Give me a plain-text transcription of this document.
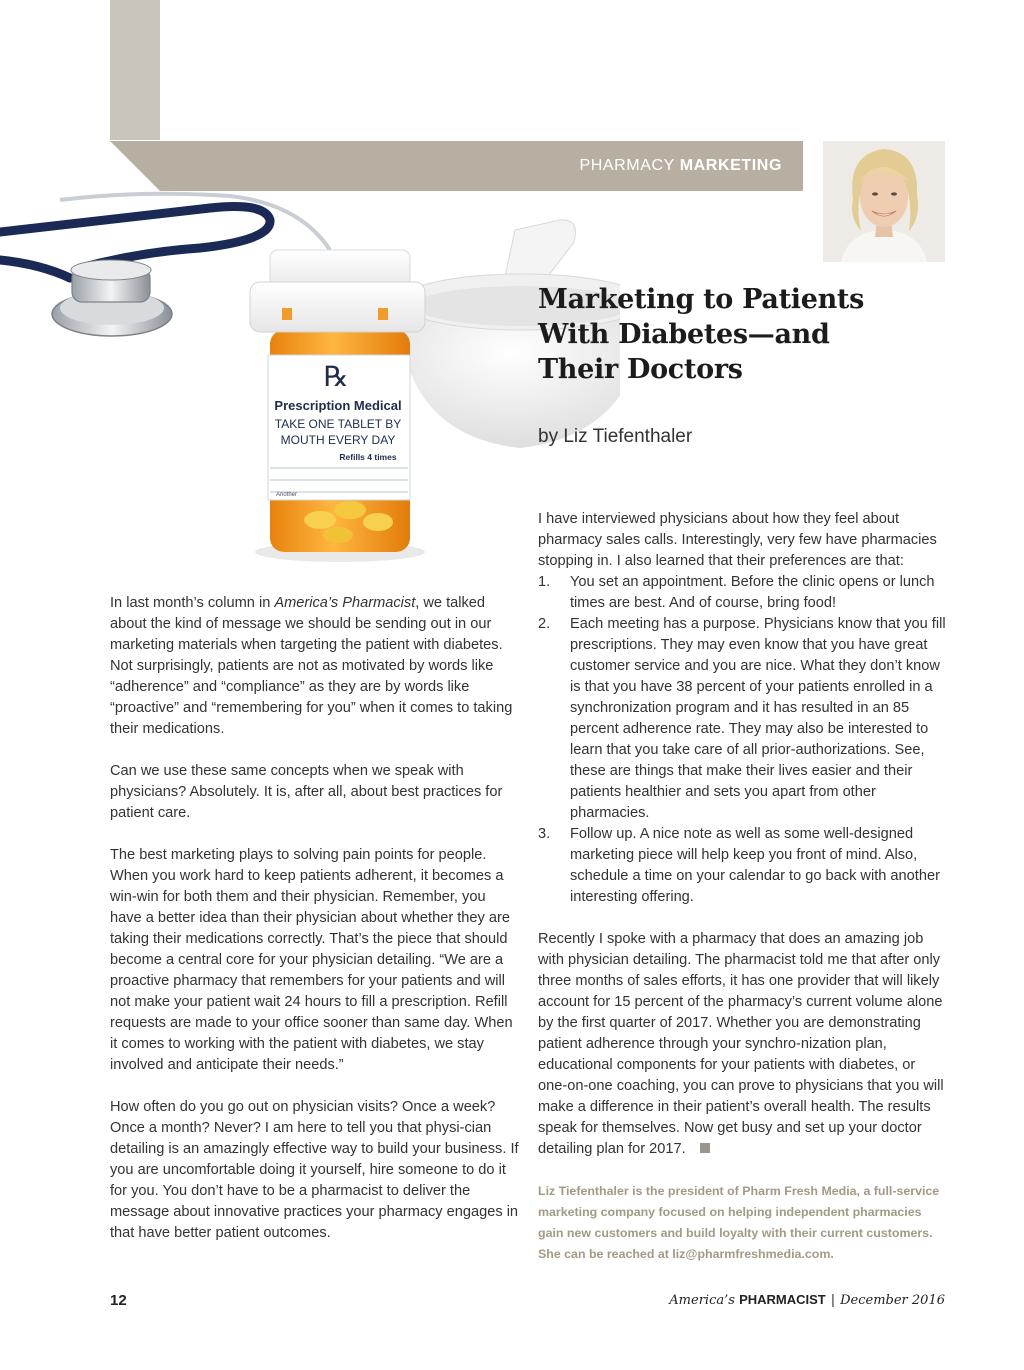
PHARMACY MARKETING
℞
Prescription Medical
TAKE ONE TABLET BY
MOUTH EVERY DAY
Refills 4 times
Another
Marketing to Patients With Diabetes—and Their Doctors
by Liz Tiefenthaler

In last month’s column in America’s Pharmacist, we talked about the kind of message we should be sending out in our marketing materials when targeting the patient with diabetes. Not surprisingly, patients are not as motivated by words like “adherence” and “compliance” as they are by words like “proactive” and “remembering for you” when it comes to taking their medications.

Can we use these same concepts when we speak with physicians? Absolutely. It is, after all, about best practices for patient care.

The best marketing plays to solving pain points for people. When you work hard to keep patients adherent, it becomes a win-win for both them and their physician. Remember, you have a better idea than their physician about whether they are taking their medications correctly. That’s the piece that should become a central core for your physician detailing. “We are a proactive pharmacy that remembers for your patients and will not make your patient wait 24 hours to fill a prescription. Refill requests are made to your office sooner than same day. When it comes to working with the patient with diabetes, we stay involved and anticipate their needs.”

How often do you go out on physician visits? Once a week? Once a month? Never? I am here to tell you that physi-cian detailing is an amazingly effective way to build your business. If you are uncomfortable doing it yourself, hire someone to do it for you. You don’t have to be a pharmacist to deliver the message about innovative practices your pharmacy engages in that have better patient outcomes.

I have interviewed physicians about how they feel about pharmacy sales calls. Interestingly, very few have pharmacies stopping in. I also learned that their preferences are that:

1.	You set an appointment. Before the clinic opens or lunch times are best. And of course, bring food!
2.	Each meeting has a purpose. Physicians know that you fill prescriptions. They may even know that you have great customer service and you are nice. What they don’t know is that you have 38 percent of your patients enrolled in a synchronization program and it has resulted in an 85 percent adherence rate. They may also be interested to learn that you take care of all prior-authorizations. See, these are things that make their lives easier and their patients healthier and sets you apart from other pharmacies.
3.	Follow up. A nice note as well as some well-designed marketing piece will help keep you front of mind. Also, schedule a time on your calendar to go back with another interesting offering.

Recently I spoke with a pharmacy that does an amazing job with physician detailing. The pharmacist told me that after only three months of sales efforts, it has one provider that will likely account for 15 percent of the pharmacy’s current volume alone by the first quarter of 2017. Whether you are demonstrating patient adherence through your synchro-nization plan, educational components for your patients with diabetes, or one-on-one coaching, you can prove to physicians that you will make a difference in their patient’s overall health. The results speak for themselves. Now get busy and set up your doctor detailing plan for 2017.

Liz Tiefenthaler is the president of Pharm Fresh Media, a full-service marketing company focused on helping independent pharmacies gain new customers and build loyalty with their current customers. She can be reached at liz@pharmfreshmedia.com.
12	America’s PHARMACIST | December 2016
